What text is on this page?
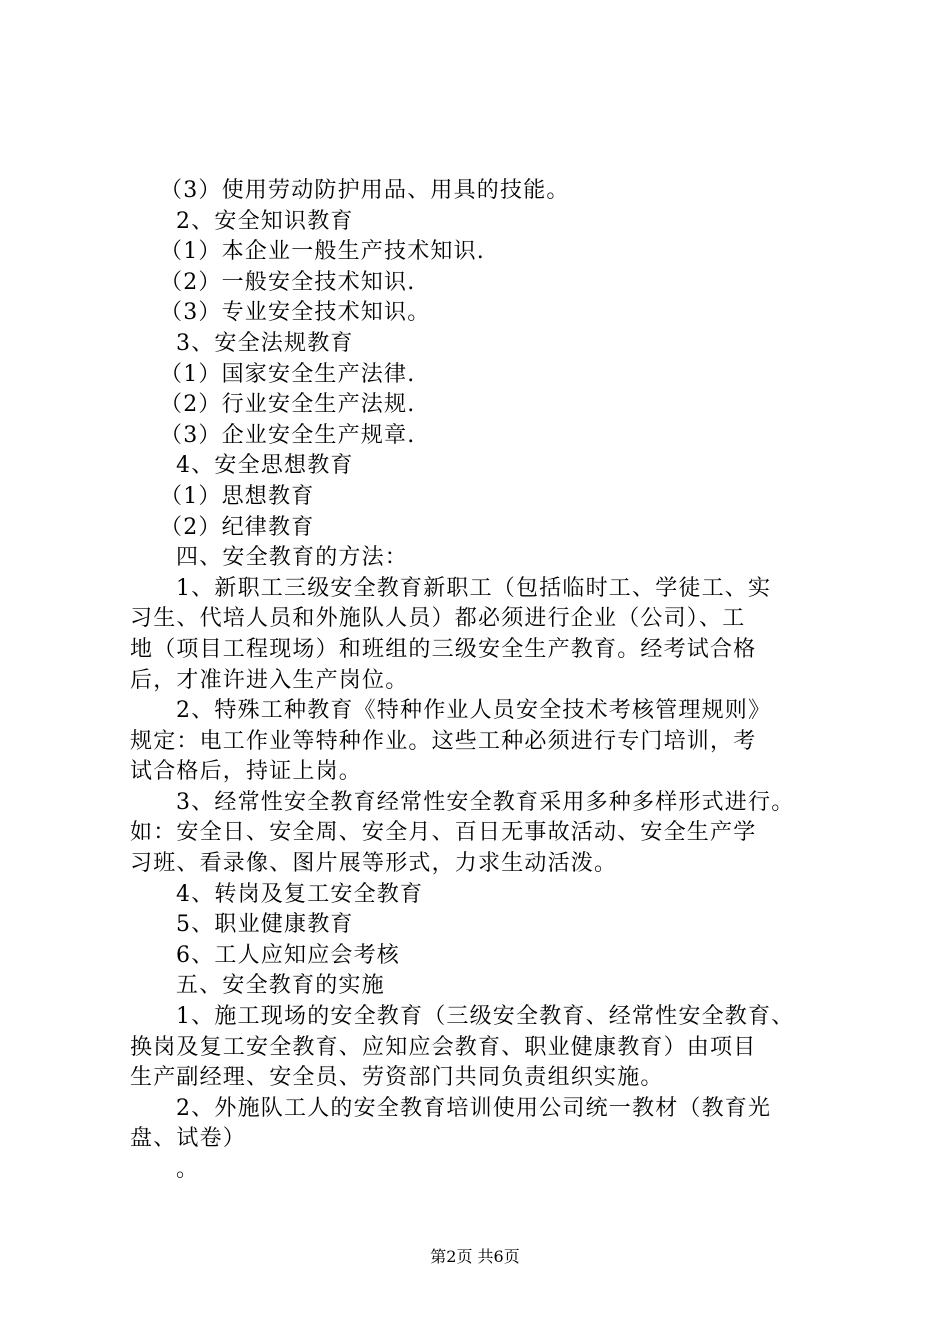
（3）使用劳动防护用品、用具的技能。
2、安全知识教育
（1）本企业一般生产技术知识.
（2）一般安全技术知识.
（3）专业安全技术知识。
3、安全法规教育
（1）国家安全生产法律.
（2）行业安全生产法规.
（3）企业安全生产规章.
4、安全思想教育
（1）思想教育
（2）纪律教育
四、安全教育的方法：
1、新职工三级安全教育新职工（包括临时工、学徒工、实
习生、代培人员和外施队人员）都必须进行企业（公司）、工
地（项目工程现场）和班组的三级安全生产教育。经考试合格
后，才准许进入生产岗位。
2、特殊工种教育《特种作业人员安全技术考核管理规则》
规定：电工作业等特种作业。这些工种必须进行专门培训，考
试合格后，持证上岗。
3、经常性安全教育经常性安全教育采用多种多样形式进行。
如：安全日、安全周、安全月、百日无事故活动、安全生产学
习班、看录像、图片展等形式，力求生动活泼。
4、转岗及复工安全教育
5、职业健康教育
6、工人应知应会考核
五、安全教育的实施
1、施工现场的安全教育（三级安全教育、经常性安全教育、
换岗及复工安全教育、应知应会教育、职业健康教育）由项目
生产副经理、安全员、劳资部门共同负责组织实施。
2、外施队工人的安全教育培训使用公司统一教材（教育光
盘、试卷）
。
第2页 共6页
